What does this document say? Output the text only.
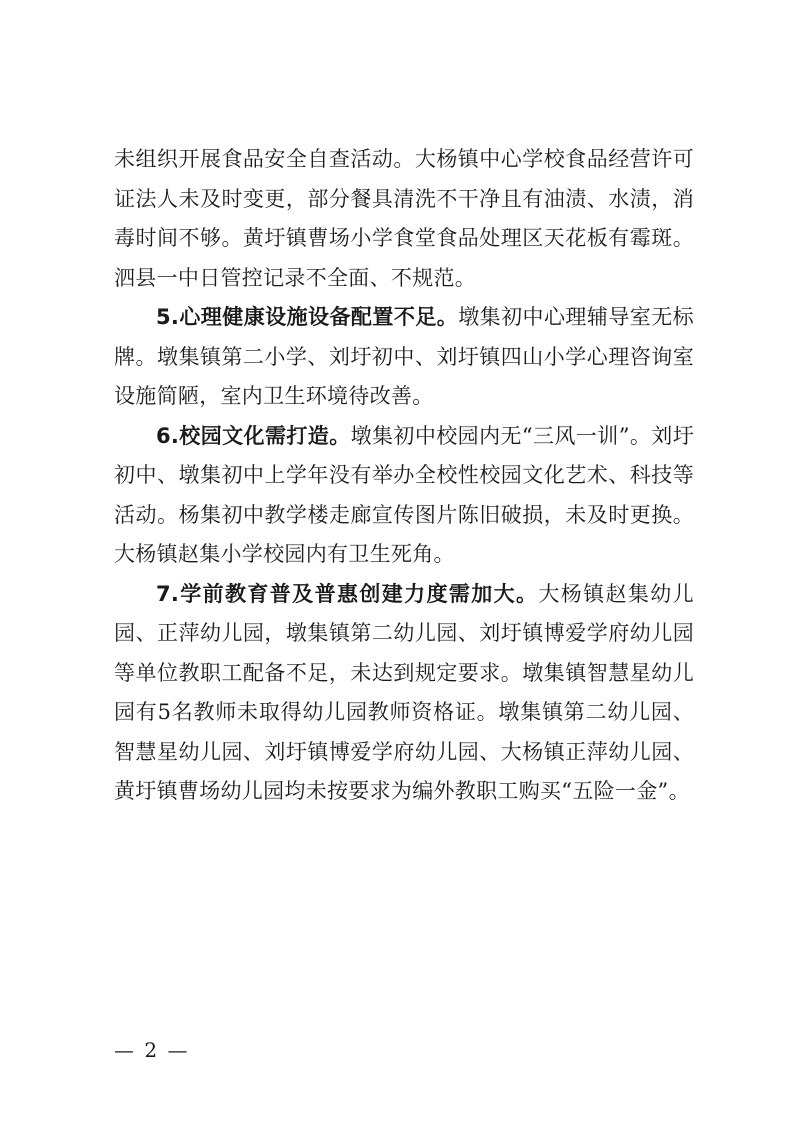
未组织开展食品安全自查活动。大杨镇中心学校食品经营许可证法人未及时变更，部分餐具清洗不干净且有油渍、水渍，消毒时间不够。黄圩镇曹场小学食堂食品处理区天花板有霉斑。泗县一中日管控记录不全面、不规范。

5.心理健康设施设备配置不足。墩集初中心理辅导室无标牌。墩集镇第二小学、刘圩初中、刘圩镇四山小学心理咨询室设施简陋，室内卫生环境待改善。

6.校园文化需打造。墩集初中校园内无“三风一训”。刘圩初中、墩集初中上学年没有举办全校性校园文化艺术、科技等活动。杨集初中教学楼走廊宣传图片陈旧破损，未及时更换。大杨镇赵集小学校园内有卫生死角。

7.学前教育普及普惠创建力度需加大。大杨镇赵集幼儿园、正萍幼儿园，墩集镇第二幼儿园、刘圩镇博爱学府幼儿园等单位教职工配备不足，未达到规定要求。墩集镇智慧星幼儿园有5名教师未取得幼儿园教师资格证。墩集镇第二幼儿园、智慧星幼儿园、刘圩镇博爱学府幼儿园、大杨镇正萍幼儿园、黄圩镇曹场幼儿园均未按要求为编外教职工购买“五险一金”。

— 2 —
